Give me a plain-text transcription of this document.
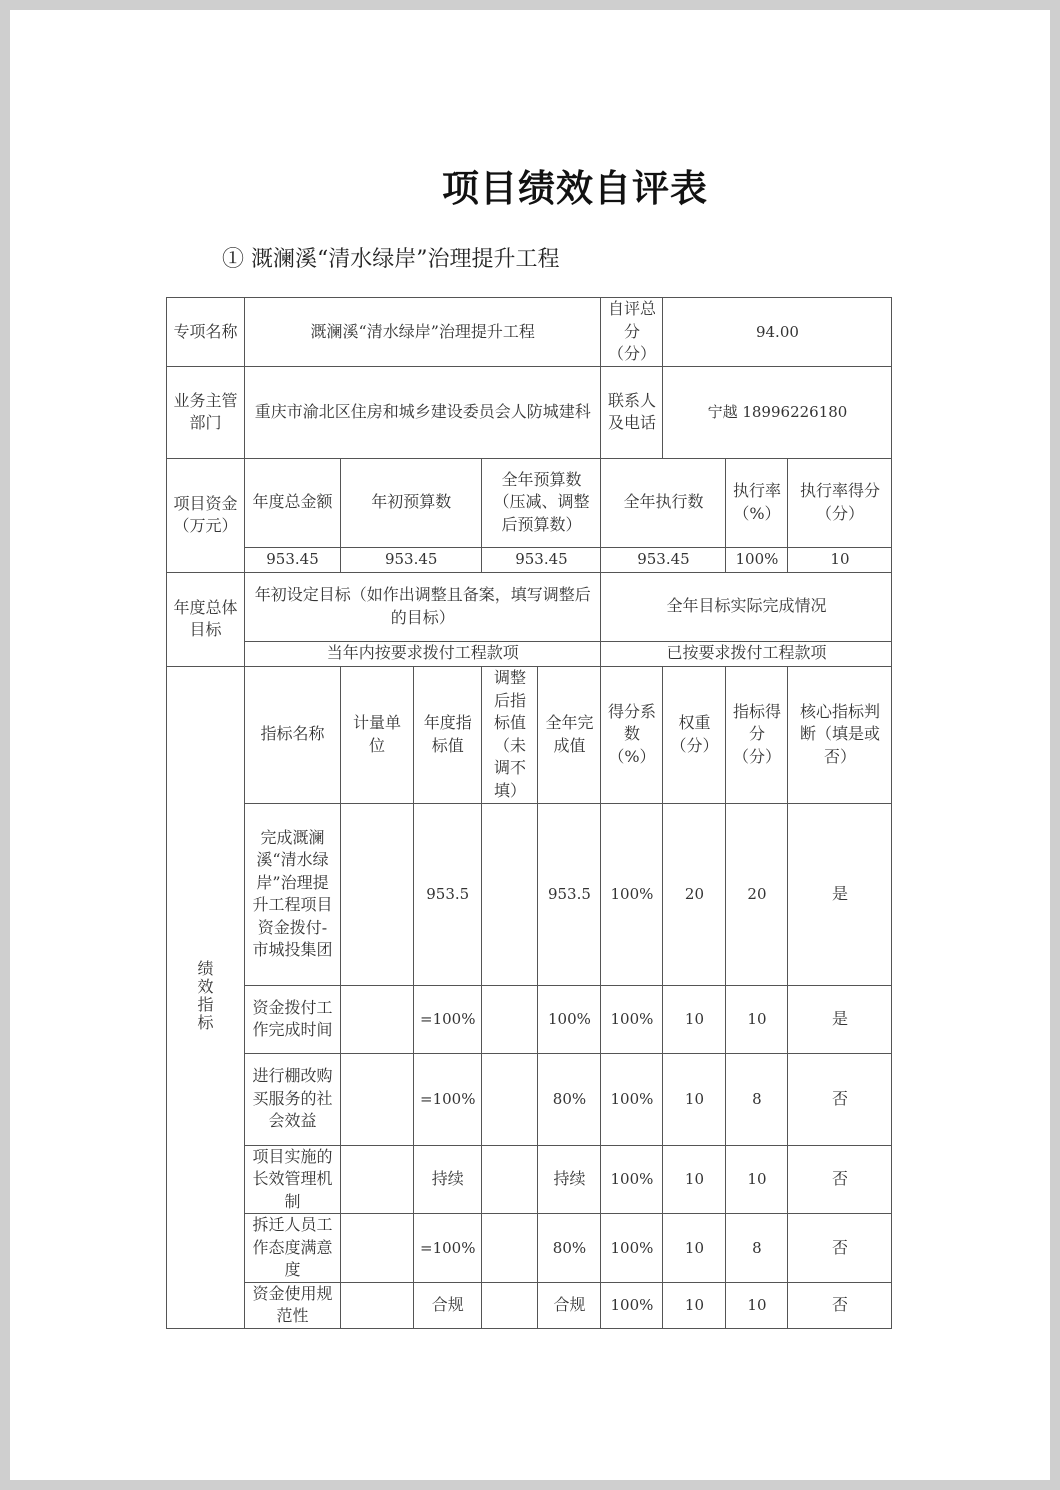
项目绩效自评表
① 溉澜溪“清水绿岸”治理提升工程
专项名称	溉澜溪“清水绿岸”治理提升工程					自评总分（分）	94.00		
业务主管部门	重庆市渝北区住房和城乡建设委员会人防城建科					联系人及电话	宁越 18996226180		
项目资金（万元）	年度总金额	年初预算数		全年预算数（压减、调整后预算数）		全年执行数		执行率（%）	执行率得分（分）
	953.45	953.45		953.45		953.45		100%	10
年度总体目标	年初设定目标（如作出调整且备案，填写调整后的目标）					全年目标实际完成情况			
	当年内按要求拨付工程款项					已按要求拨付工程款项			
绩效指标	指标名称	计量单位	年度指标值	调整后指标值（未调不填）	全年完成值	得分系数（%）	权重（分）	指标得分（分）	核心指标判断（填是或否）
	完成溉澜溪“清水绿岸”治理提升工程项目资金拨付-市城投集团		953.5		953.5	100%	20	20	是
	资金拨付工作完成时间		=100%		100%	100%	10	10	是
	进行棚改购买服务的社会效益		=100%		80%	100%	10	8	否
	项目实施的长效管理机制		持续		持续	100%	10	10	否
	拆迁人员工作态度满意度		=100%		80%	100%	10	8	否
	资金使用规范性		合规		合规	100%	10	10	否
